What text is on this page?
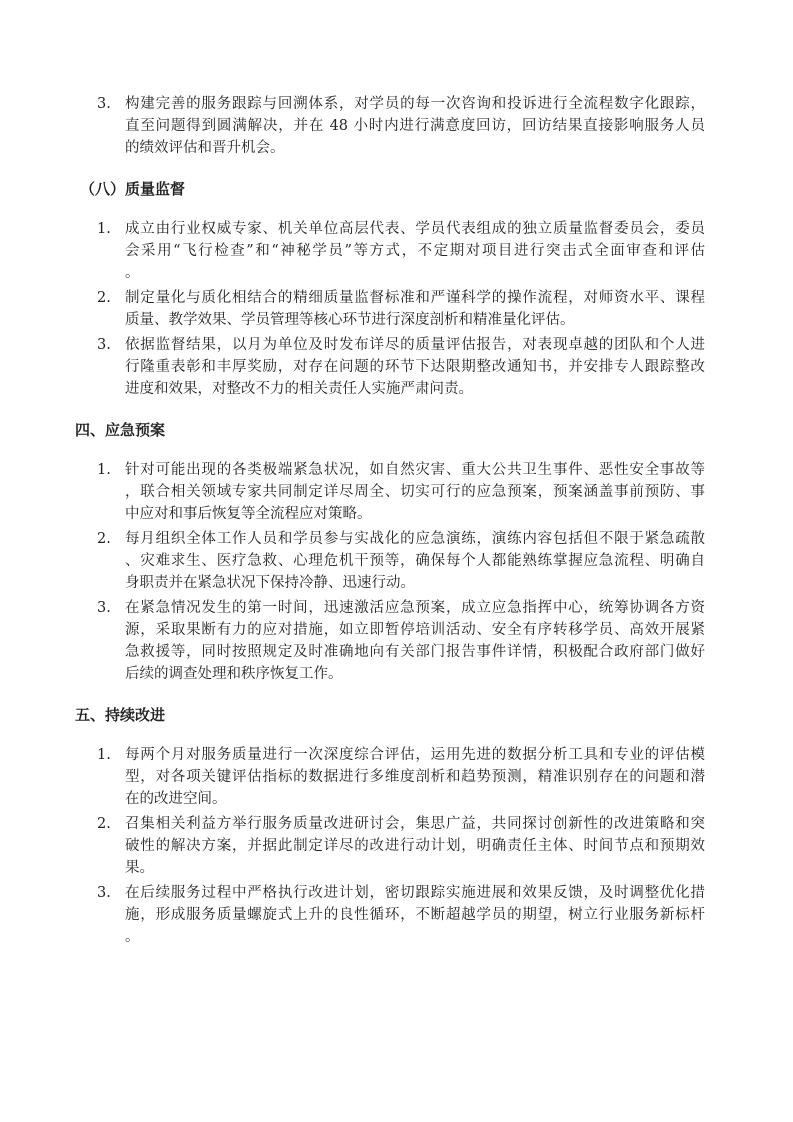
3. 构建完善的服务跟踪与回溯体系，对学员的每一次咨询和投诉进行全流程数字化跟踪，
直至问题得到圆满解决，并在 48 小时内进行满意度回访，回访结果直接影响服务人员
的绩效评估和晋升机会。
（八）质量监督
1. 成立由行业权威专家、机关单位高层代表、学员代表组成的独立质量监督委员会，委员
会采用“飞行检查”和“神秘学员”等方式，不定期对项目进行突击式全面审查和评估
。
2. 制定量化与质化相结合的精细质量监督标准和严谨科学的操作流程，对师资水平、课程
质量、教学效果、学员管理等核心环节进行深度剖析和精准量化评估。
3. 依据监督结果，以月为单位及时发布详尽的质量评估报告，对表现卓越的团队和个人进
行隆重表彰和丰厚奖励，对存在问题的环节下达限期整改通知书，并安排专人跟踪整改
进度和效果，对整改不力的相关责任人实施严肃问责。
四、应急预案
1. 针对可能出现的各类极端紧急状况，如自然灾害、重大公共卫生事件、恶性安全事故等
，联合相关领域专家共同制定详尽周全、切实可行的应急预案，预案涵盖事前预防、事
中应对和事后恢复等全流程应对策略。
2. 每月组织全体工作人员和学员参与实战化的应急演练，演练内容包括但不限于紧急疏散
、灾难求生、医疗急救、心理危机干预等，确保每个人都能熟练掌握应急流程、明确自
身职责并在紧急状况下保持冷静、迅速行动。
3. 在紧急情况发生的第一时间，迅速激活应急预案，成立应急指挥中心，统筹协调各方资
源，采取果断有力的应对措施，如立即暂停培训活动、安全有序转移学员、高效开展紧
急救援等，同时按照规定及时准确地向有关部门报告事件详情，积极配合政府部门做好
后续的调查处理和秩序恢复工作。
五、持续改进
1. 每两个月对服务质量进行一次深度综合评估，运用先进的数据分析工具和专业的评估模
型，对各项关键评估指标的数据进行多维度剖析和趋势预测，精准识别存在的问题和潜
在的改进空间。
2. 召集相关利益方举行服务质量改进研讨会，集思广益，共同探讨创新性的改进策略和突
破性的解决方案，并据此制定详尽的改进行动计划，明确责任主体、时间节点和预期效
果。
3. 在后续服务过程中严格执行改进计划，密切跟踪实施进展和效果反馈，及时调整优化措
施，形成服务质量螺旋式上升的良性循环，不断超越学员的期望，树立行业服务新标杆
。
